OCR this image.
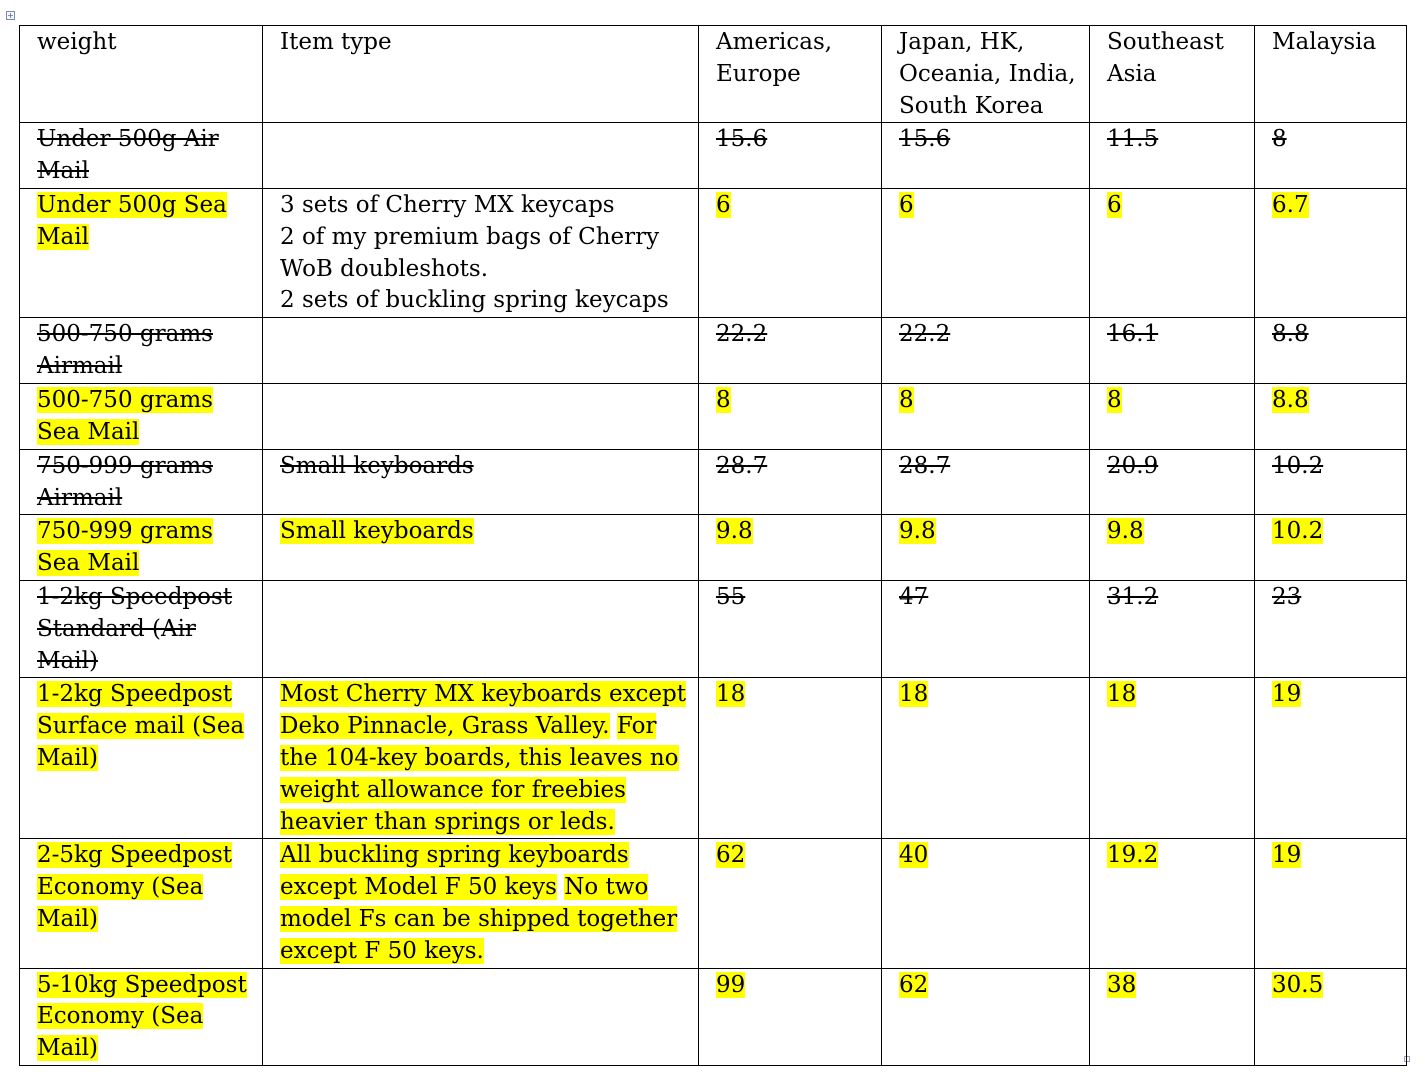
+
weight	Item type	Americas, Europe	Japan, HK, Oceania, India, South Korea	Southeast Asia	Malaysia
Under 500g Air Mail		15.6	15.6	11.5	8
Under 500g Sea Mail	3 sets of Cherry MX keycaps
2 of my premium bags of Cherry WoB doubleshots.
2 sets of buckling spring keycaps	6	6	6	6.7
500-750 grams Airmail		22.2	22.2	16.1	8.8
500-750 grams Sea Mail		8	8	8	8.8
750-999 grams Airmail	Small keyboards	28.7	28.7	20.9	10.2
750-999 grams Sea Mail	Small keyboards	9.8	9.8	9.8	10.2
1-2kg Speedpost Standard (Air Mail)		55	47	31.2	23
1-2kg Speedpost Surface mail (Sea Mail)	Most Cherry MX keyboards except Deko Pinnacle, Grass Valley. For the 104-key boards, this leaves no weight allowance for freebies heavier than springs or leds.	18	18	18	19
2-5kg Speedpost Economy (Sea Mail)	All buckling spring keyboards except Model F 50 keys No two model Fs can be shipped together except F 50 keys.	62	40	19.2	19
5-10kg Speedpost Economy (Sea Mail)		99	62	38	30.5
